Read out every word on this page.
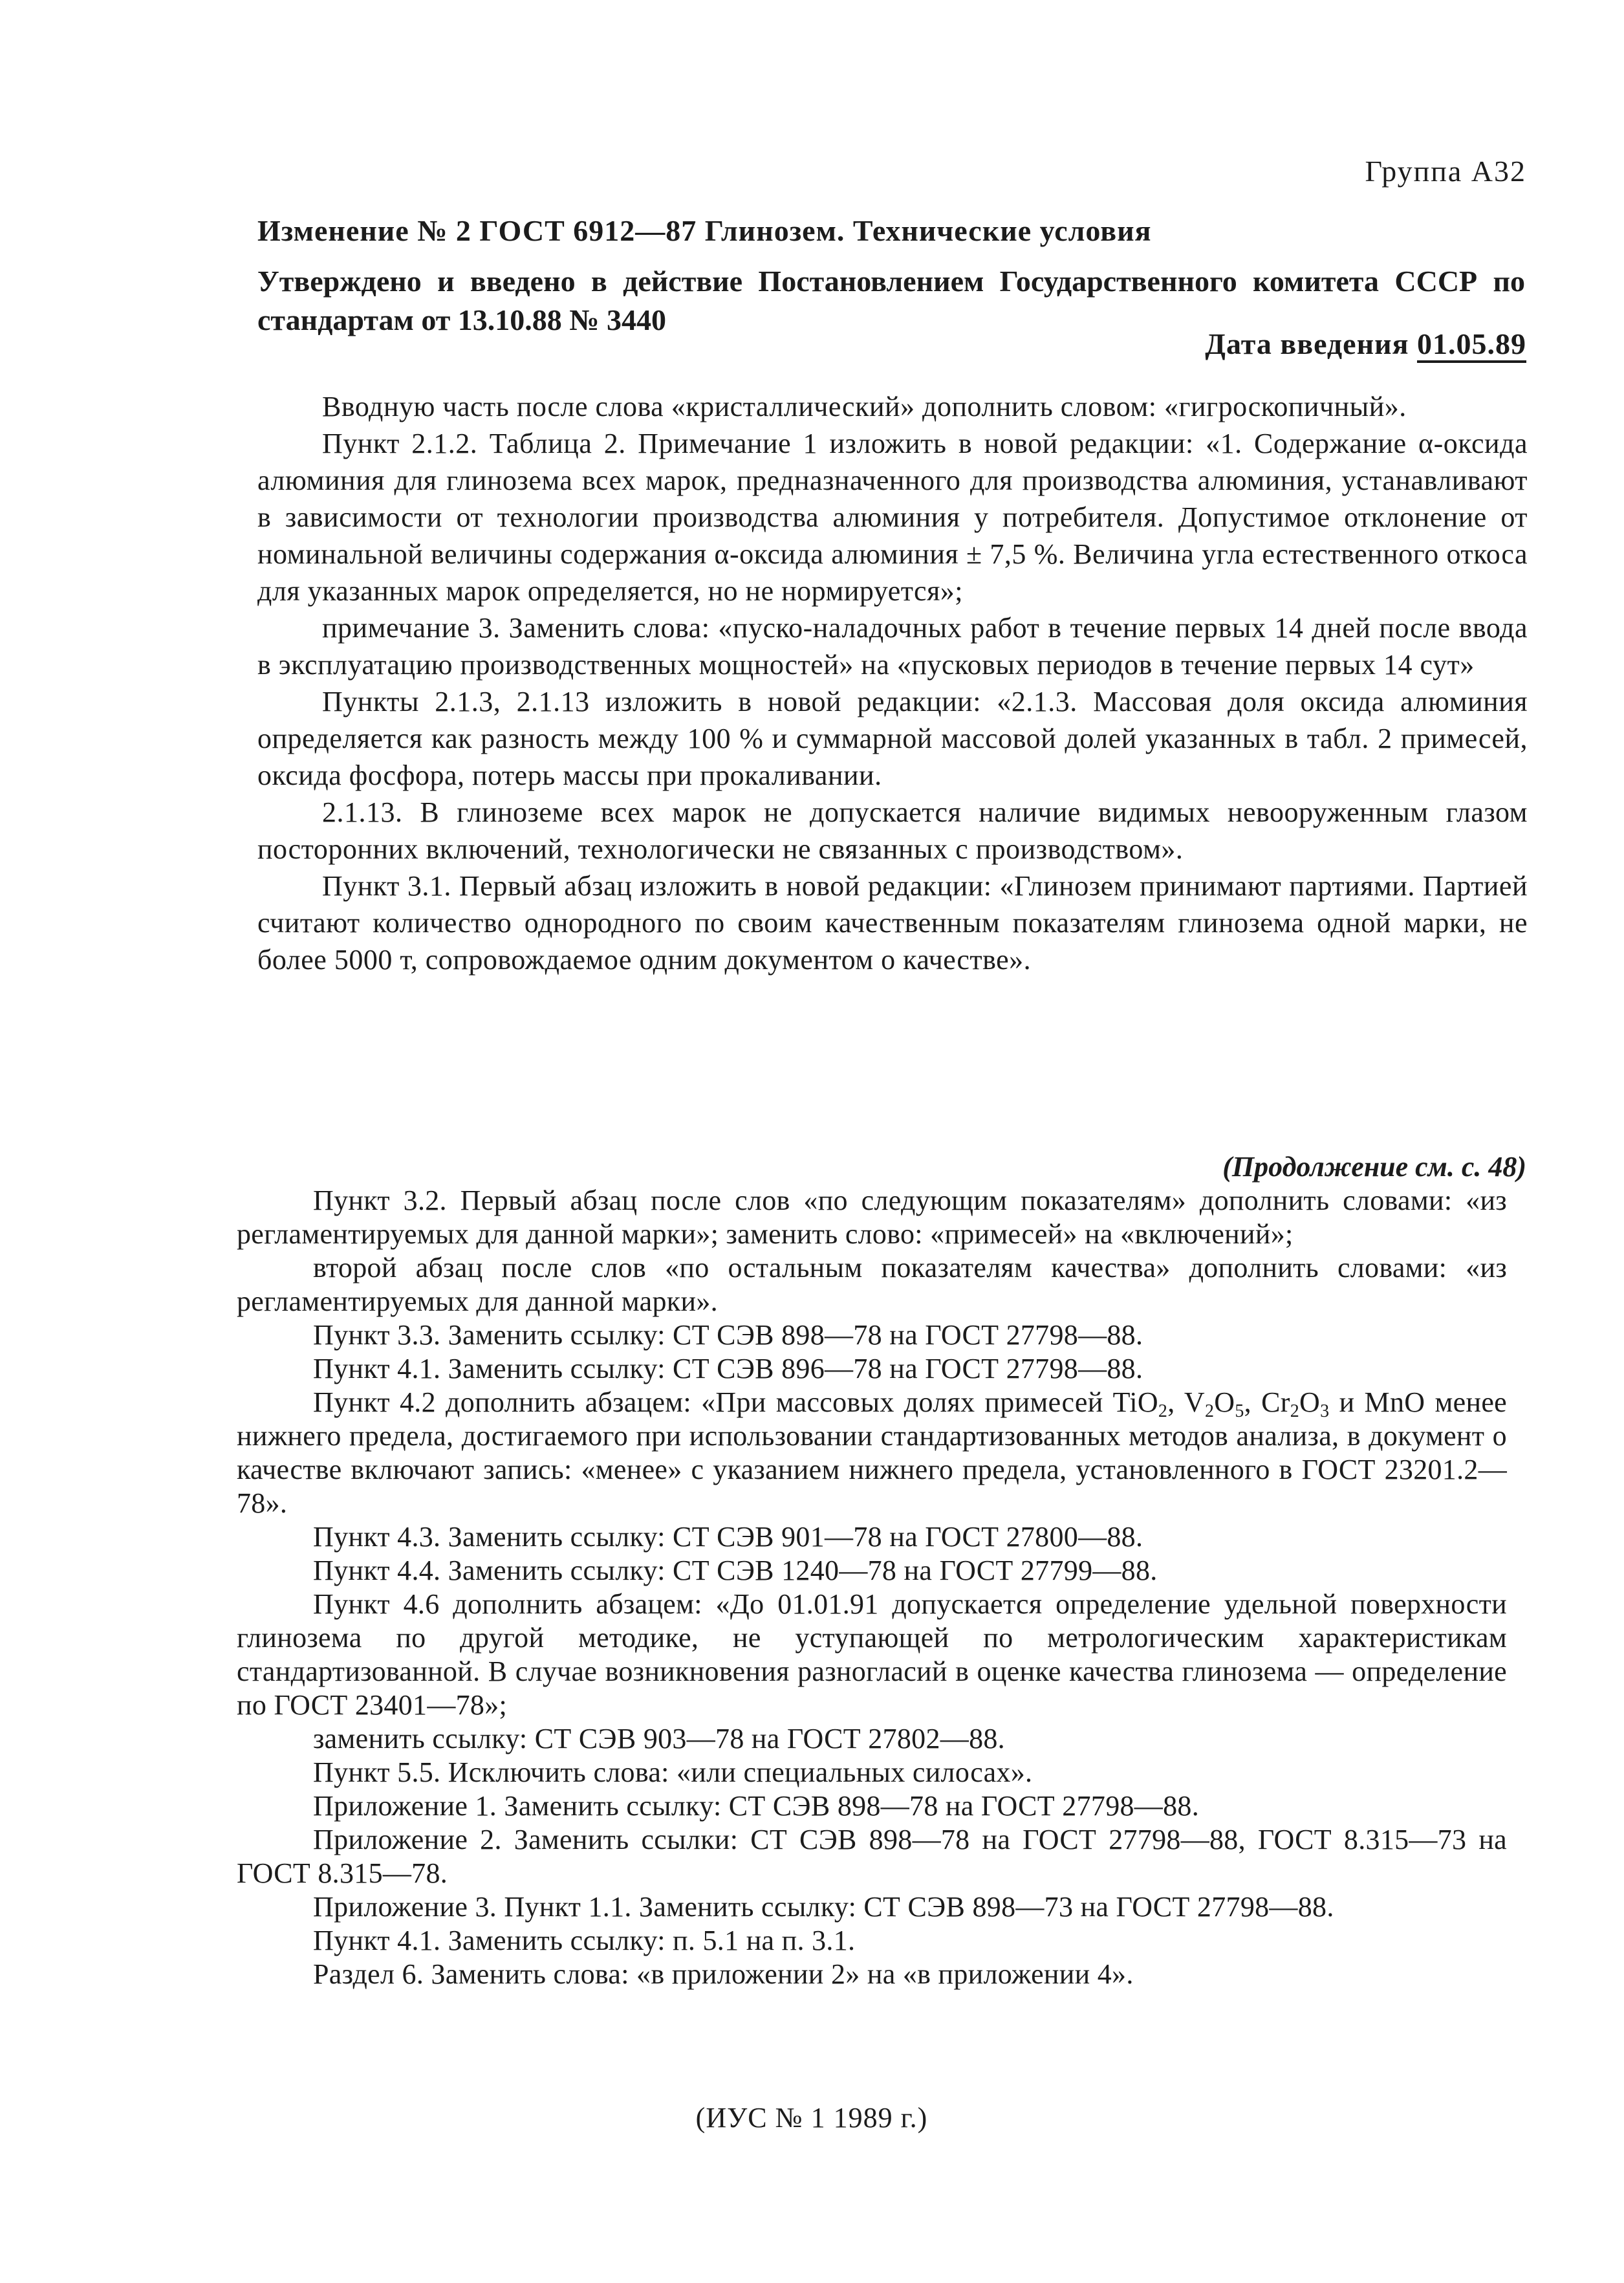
Группа А32
Изменение № 2 ГОСТ 6912—87 Глинозем. Технические условия
Утверждено и введено в действие Постановлением Государственного комитета СССР по стандартам от 13.10.88 № 3440
Дата введения 01.05.89

Вводную часть после слова «кристаллический» дополнить словом: «гигроскопичный».

Пункт 2.1.2. Таблица 2. Примечание 1 изложить в новой редакции: «1. Содержание α-оксида алюминия для глинозема всех марок, предназначенного для производства алюминия, устанавливают в зависимости от технологии производства алюминия у потребителя. Допустимое отклонение от номинальной величины содержания α-оксида алюминия ± 7,5 %. Величина угла естественного откоса для указанных марок определяется, но не нормируется»;

примечание 3. Заменить слова: «пуско-наладочных работ в течение первых 14 дней после ввода в эксплуатацию производственных мощностей» на «пусковых периодов в течение первых 14 сут»

Пункты 2.1.3, 2.1.13 изложить в новой редакции: «2.1.3. Массовая доля оксида алюминия определяется как разность между 100 % и суммарной массовой долей указанных в табл. 2 примесей, оксида фосфора, потерь массы при прокаливании.

2.1.13. В глиноземе всех марок не допускается наличие видимых невооруженным глазом посторонних включений, технологически не связанных с производством».

Пункт 3.1. Первый абзац изложить в новой редакции: «Глинозем принимают партиями. Партией считают количество однородного по своим качественным показателям глинозема одной марки, не более 5000 т, сопровождаемое одним документом о качестве».

(Продолжение см. с. 48)

Пункт 3.2. Первый абзац после слов «по следующим показателям» дополнить словами: «из регламентируемых для данной марки»; заменить слово: «примесей» на «включений»;

второй абзац после слов «по остальным показателям качества» дополнить словами: «из регламентируемых для данной марки».

Пункт 3.3. Заменить ссылку: СТ СЭВ 898—78 на ГОСТ 27798—88.

Пункт 4.1. Заменить ссылку: СТ СЭВ 896—78 на ГОСТ 27798—88.

Пункт 4.2 дополнить абзацем: «При массовых долях примесей TiO$_2$, $V_2O_5$, $Cr_2O_3$ и MnO менее нижнего предела, достигаемого при использовании стандартизованных методов анализа, в документ о качестве включают запись: «менее» с указанием нижнего предела, установленного в ГОСТ 23201.2—78».

Пункт 4.3. Заменить ссылку: СТ СЭВ 901—78 на ГОСТ 27800—88.

Пункт 4.4. Заменить ссылку: СТ СЭВ 1240—78 на ГОСТ 27799—88.

Пункт 4.6 дополнить абзацем: «До 01.01.91 допускается определение удельной поверхности глинозема по другой методике, не уступающей по метрологическим характеристикам стандартизованной. В случае возникновения разногласий в оценке качества глинозема — определение по ГОСТ 23401—78»;

заменить ссылку: СТ СЭВ 903—78 на ГОСТ 27802—88.

Пункт 5.5. Исключить слова: «или специальных силосах».

Приложение 1. Заменить ссылку: СТ СЭВ 898—78 на ГОСТ 27798—88.

Приложение 2. Заменить ссылки: СТ СЭВ 898—78 на ГОСТ 27798—88, ГОСТ 8.315—73 на ГОСТ 8.315—78.

Приложение 3. Пункт 1.1. Заменить ссылку: СТ СЭВ 898—73 на ГОСТ 27798—88.

Пункт 4.1. Заменить ссылку: п. 5.1 на п. 3.1.

Раздел 6. Заменить слова: «в приложении 2» на «в приложении 4».

(ИУС № 1 1989 г.)
